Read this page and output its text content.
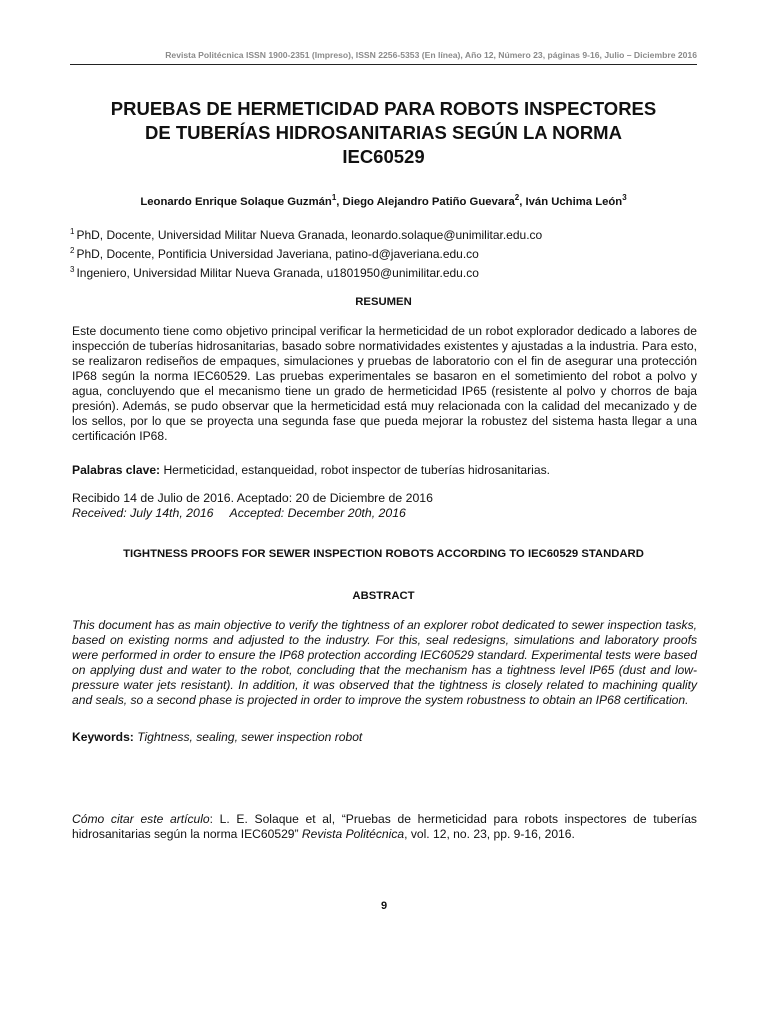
Revista Politécnica ISSN 1900-2351 (Impreso), ISSN 2256-5353 (En línea), Año 12, Número 23, páginas 9-16, Julio – Diciembre 2016
PRUEBAS DE HERMETICIDAD PARA ROBOTS INSPECTORES
DE TUBERÍAS HIDROSANITARIAS SEGÚN LA NORMA
IEC60529
Leonardo Enrique Solaque Guzmán$^1$, Diego Alejandro Patiño Guevara$^2$, Iván Uchima León$^3$
$^1$ PhD, Docente, Universidad Militar Nueva Granada, leonardo.solaque@unimilitar.edu.co
$^2$ PhD, Docente, Pontificia Universidad Javeriana, patino-d@javeriana.edu.co
$^3$ Ingeniero, Universidad Militar Nueva Granada, u1801950@unimilitar.edu.co
RESUMEN

Este documento tiene como objetivo principal verificar la hermeticidad de un robot explorador dedicado a labores de inspección de tuberías hidrosanitarias, basado sobre normatividades existentes y ajustadas a la industria. Para esto, se realizaron rediseños de empaques, simulaciones y pruebas de laboratorio con el fin de asegurar una protección IP68 según la norma IEC60529. Las pruebas experimentales se basaron en el sometimiento del robot a polvo y agua, concluyendo que el mecanismo tiene un grado de hermeticidad IP65 (resistente al polvo y chorros de baja presión). Además, se pudo observar que la hermeticidad está muy relacionada con la calidad del mecanizado y de los sellos, por lo que se proyecta una segunda fase que pueda mejorar la robustez del sistema hasta llegar a una certificación IP68.

Palabras clave: Hermeticidad, estanqueidad, robot inspector de tuberías hidrosanitarias.
Recibido 14 de Julio de 2016. Aceptado: 20 de Diciembre de 2016
Received: July 14th, 2016 Accepted: December 20th, 2016
TIGHTNESS PROOFS FOR SEWER INSPECTION ROBOTS ACCORDING TO IEC60529 STANDARD
ABSTRACT

This document has as main objective to verify the tightness of an explorer robot dedicated to sewer inspection tasks, based on existing norms and adjusted to the industry. For this, seal redesigns, simulations and laboratory proofs were performed in order to ensure the IP68 protection according IEC60529 standard. Experimental tests were based on applying dust and water to the robot, concluding that the mechanism has a tightness level IP65 (dust and low-pressure water jets resistant). In addition, it was observed that the tightness is closely related to machining quality and seals, so a second phase is projected in order to improve the system robustness to obtain an IP68 certification.

Keywords: Tightness, sealing, sewer inspection robot

Cómo citar este artículo: L. E. Solaque et al, “Pruebas de hermeticidad para robots inspectores de tuberías hidrosanitarias según la norma IEC60529” Revista Politécnica, vol. 12, no. 23, pp. 9-16, 2016.

9
